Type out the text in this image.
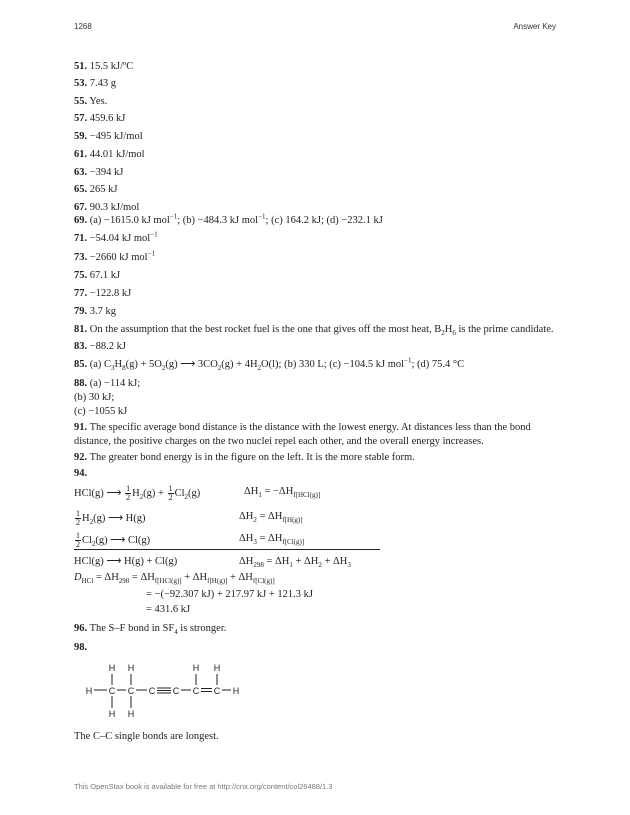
1268	Answer Key
51. 15.5 kJ/ºC
53. 7.43 g
55. Yes.
57. 459.6 kJ
59. −495 kJ/mol
61. 44.01 kJ/mol
63. −394 kJ
65. 265 kJ
67. 90.3 kJ/mol
69. (a) −1615.0 kJ mol$^{-1}$; (b) −484.3 kJ mol$^{-1}$; (c) 164.2 kJ; (d) −232.1 kJ
71. −54.04 kJ mol$^{-1}$
73. −2660 kJ mol$^{-1}$
75. 67.1 kJ
77. −122.8 kJ
79. 3.7 kg
81. On the assumption that the best rocket fuel is the one that gives off the most heat, $B_2H_6$ is the prime candidate.
83. −88.2 kJ
85. (a) $C_3H_8(g) + 5O_2(g)$ ⟶ $3CO_2(g) + 4H_2O(l)$; (b) 330 L; (c) −104.5 kJ mol$^{-1}$; (d) 75.4 °C
88. (a) −114 kJ;
(b) 30 kJ;
(c) −1055 kJ
91. The specific average bond distance is the distance with the lowest energy. At distances less than the bond distance, the positive charges on the two nuclei repel each other, and the overall energy increases.
92. The greater bond energy is in the figure on the left. It is the more stable form.
94.
HCl(g) ⟶ $\frac{1}{2} H_2(g) + \frac{1}{2} Cl_2(g)$	$\Delta H_1 = -\Delta H_{f[HCl(g)]}$
$\frac{1}{2} H_2(g)$ ⟶ H(g)	$\Delta H_2 = \Delta H_{f[H(g)]}$
$\frac{1}{2} Cl_2(g)$ ⟶ Cl(g)	$\Delta H_3 = \Delta H_{f[Cl(g)]}$
HCl(g) ⟶ H(g) + Cl(g)	$\Delta H_{298} = \Delta H_1 + \Delta H_2 + \Delta H_3$
$D_{HCl} = \Delta H_{298} = \Delta H_{f[HCl(g)]} + \Delta H_{f[H(g)]} + \Delta H_{f[Cl(g)]}$
= −(−92.307 kJ) + 217.97 kJ + 121.3 kJ
= 431.6 kJ
96. The S–F bond in $SF_4$ is stronger.
98.
H C C C C C C H
H H	H H
H H
The C–C single bonds are longest.
This OpenStax book is available for free at http://cnx.org/content/col26488/1.3
